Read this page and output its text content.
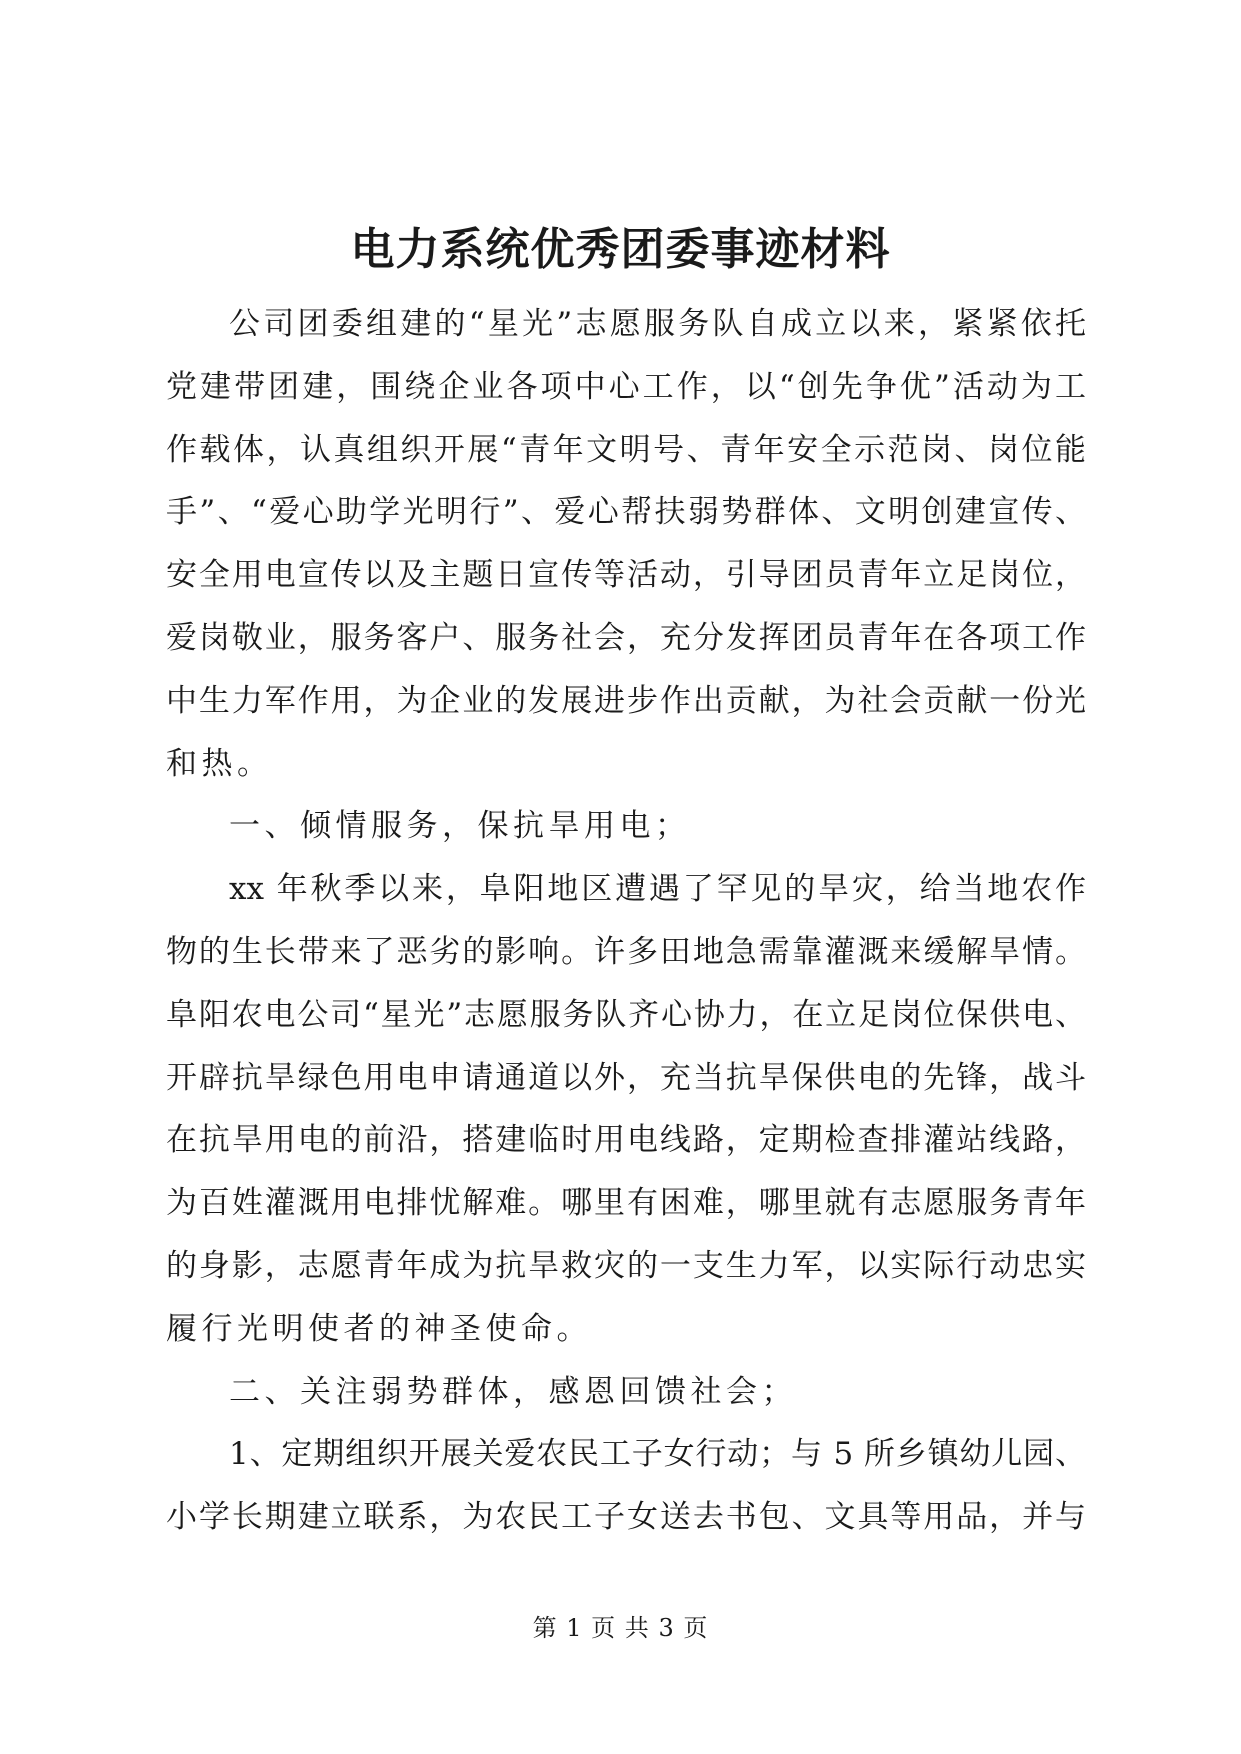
电力系统优秀团委事迹材料
公司团委组建的“星光”志愿服务队自成立以来，紧紧依托
党建带团建，围绕企业各项中心工作，以“创先争优”活动为工
作载体，认真组织开展“青年文明号、青年安全示范岗、岗位能
手”、“爱心助学光明行”、爱心帮扶弱势群体、文明创建宣传、
安全用电宣传以及主题日宣传等活动，引导团员青年立足岗位，
爱岗敬业，服务客户、服务社会，充分发挥团员青年在各项工作
中生力军作用，为企业的发展进步作出贡献，为社会贡献一份光
和热。
一、倾情服务，保抗旱用电；
xx 年秋季以来，阜阳地区遭遇了罕见的旱灾，给当地农作
物的生长带来了恶劣的影响。许多田地急需靠灌溉来缓解旱情。
阜阳农电公司“星光”志愿服务队齐心协力，在立足岗位保供电、
开辟抗旱绿色用电申请通道以外，充当抗旱保供电的先锋，战斗
在抗旱用电的前沿，搭建临时用电线路，定期检查排灌站线路，
为百姓灌溉用电排忧解难。哪里有困难，哪里就有志愿服务青年
的身影，志愿青年成为抗旱救灾的一支生力军，以实际行动忠实
履行光明使者的神圣使命。
二、关注弱势群体，感恩回馈社会；
1、定期组织开展关爱农民工子女行动；与 5 所乡镇幼儿园、
小学长期建立联系，为农民工子女送去书包、文具等用品，并与
第 1 页 共 3 页
